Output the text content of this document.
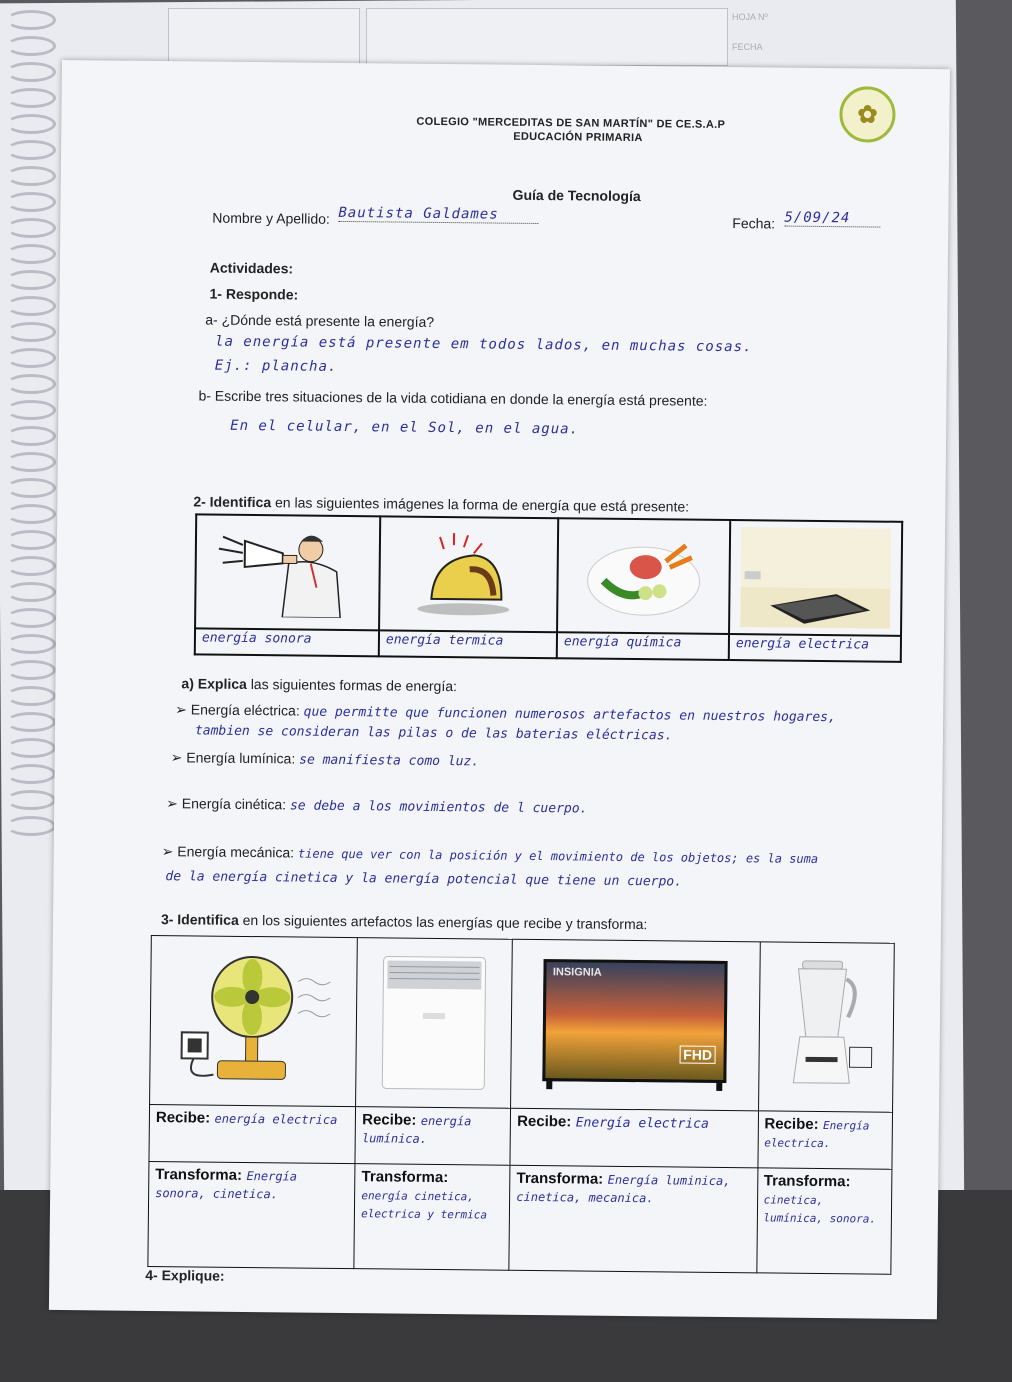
HOJA Nº
FECHA
COLEGIO "MERCEDITAS DE SAN MARTÍN" DE CE.S.A.P
EDUCACIÓN PRIMARIA
✿
Guía de Tecnología
Nombre y Apellido: Bautista Galdames
Fecha: 5/09/24
Actividades:
1- Responde:
a- ¿Dónde está presente la energía?
la energía está presente em todos lados, en muchas cosas.
Ej.: plancha.
b- Escribe tres situaciones de la vida cotidiana en donde la energía está presente:
En el celular, en el Sol, en el agua.
2- Identifica en las siguientes imágenes la forma de energía que está presente:

energía sonora	energía termica	energía química	energía electrica
a) Explica las siguientes formas de energía:
➢ Energía eléctrica: que permitte que funcionen numerosos artefactos en nuestros hogares,
tambien se consideran las pilas o de las baterias eléctricas.
➢ Energía lumínica: se manifiesta como luz.
➢ Energía cinética: se debe a los movimientos de l cuerpo.
➢ Energía mecánica: tiene que ver con la posición y el movimiento de los objetos; es la suma
de la energía cinetica y la energía potencial que tiene un cuerpo.
3- Identifica en los siguientes artefactos las energías que recibe y transforma:

INSIGNIA
FHD

Recibe: energía electrica	Recibe: energía lumínica.	Recibe: Energía electrica	Recibe: Energía electrica.
Transforma: Energía sonora, cinetica.	Transforma:
energía cinetica, electrica y termica	Transforma: Energía luminica, cinetica, mecanica.	Transforma: cinetica, lumínica, sonora.
4- Explique:
